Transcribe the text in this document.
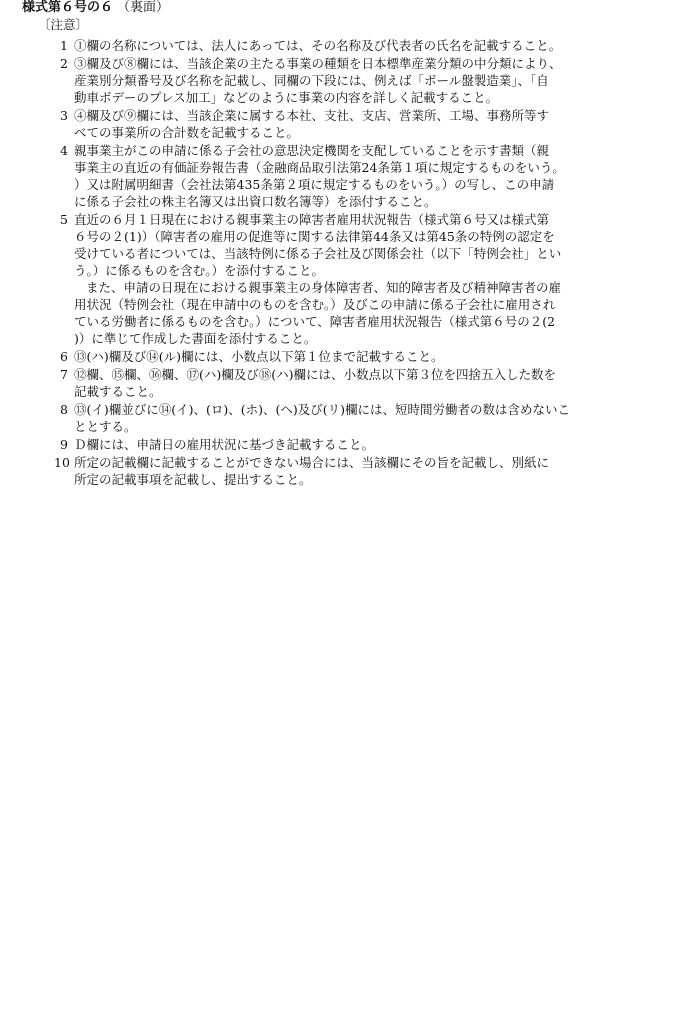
様式第６号の６ （裏面）
〔注意〕
1 ①欄の名称については、法人にあっては、その名称及び代表者の氏名を記載すること。
2 ③欄及び⑧欄には、当該企業の主たる事業の種類を日本標準産業分類の中分類により、
産業別分類番号及び名称を記載し、同欄の下段には、例えば「ボール盤製造業」、「自
動車ボデーのプレス加工」などのように事業の内容を詳しく記載すること。
3 ④欄及び⑨欄には、当該企業に属する本社、支社、支店、営業所、工場、事務所等す
べての事業所の合計数を記載すること。
4 親事業主がこの申請に係る子会社の意思決定機関を支配していることを示す書類（親
事業主の直近の有価証券報告書（金融商品取引法第24条第１項に規定するものをいう。
）又は附属明細書（会社法第435条第２項に規定するものをいう。）の写し、この申請
に係る子会社の株主名簿又は出資口数名簿等）を添付すること。
5 直近の６月１日現在における親事業主の障害者雇用状況報告（様式第６号又は様式第
６号の２(1)）（障害者の雇用の促進等に関する法律第44条又は第45条の特例の認定を
受けている者については、当該特例に係る子会社及び関係会社（以下「特例会社」とい
う。）に係るものを含む。）を添付すること。
また、申請の日現在における親事業主の身体障害者、知的障害者及び精神障害者の雇
用状況（特例会社（現在申請中のものを含む。）及びこの申請に係る子会社に雇用され
ている労働者に係るものを含む。）について、障害者雇用状況報告（様式第６号の２(2
)）に準じて作成した書面を添付すること。
6 ⑬(ハ)欄及び⑭(ル)欄には、小数点以下第１位まで記載すること。
7 ⑫欄、⑮欄、⑯欄、⑰(ハ)欄及び⑱(ハ)欄には、小数点以下第３位を四捨五入した数を
記載すること。
8 ⑬(イ)欄並びに⑭(イ)、(ロ)、(ホ)、(ヘ)及び(リ)欄には、短時間労働者の数は含めないこ
ととする。
9 Ｄ欄には、申請日の雇用状況に基づき記載すること。
10 所定の記載欄に記載することができない場合には、当該欄にその旨を記載し、別紙に
所定の記載事項を記載し、提出すること。
